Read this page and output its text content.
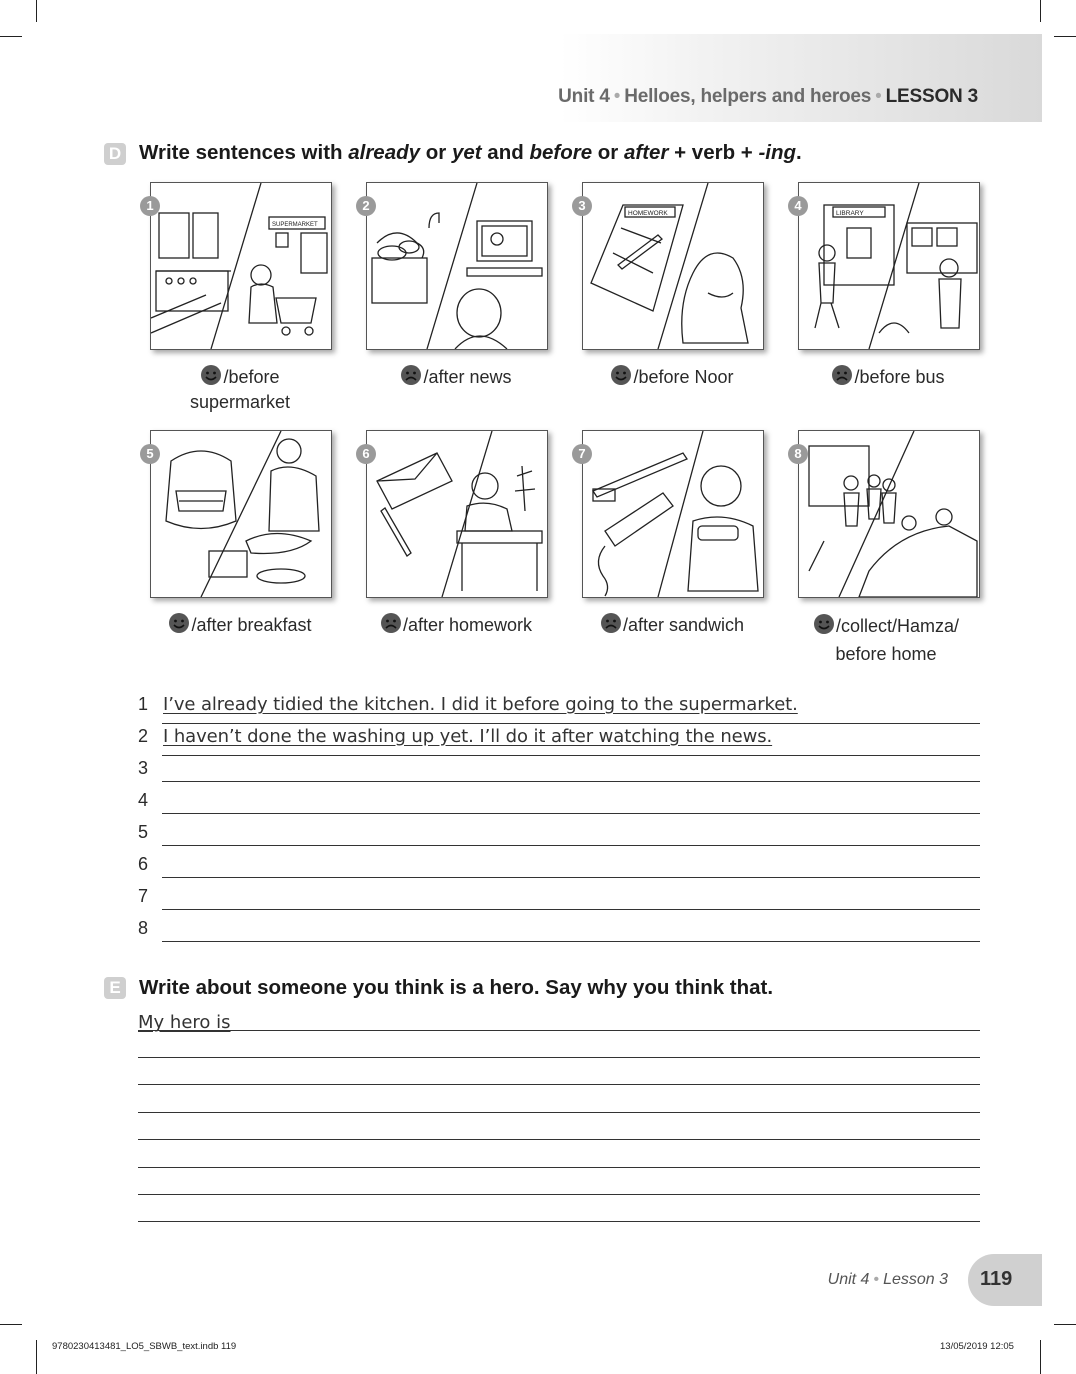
Unit 4 • Helloes, helpers and heroes • LESSON 3
D Write sentences with already or yet and before or after + verb + -ing.
SUPERMARKET
1	2
HOMEWORK
3
LIBRARY
4
/before
supermarket
/after news	/before Noor	/before bus
5	6	7	8
/after breakfast	/after homework	/after sandwich	/collect/Hamza/
before home
1 I’ve already tidied the kitchen. I did it before going to the supermarket.
2 I haven’t done the washing up yet. I’ll do it after watching the news.
3
4
5
6
7
8
E Write about someone you think is a hero. Say why you think that.
My hero is
Unit 4 • Lesson 3 119
9780230413481_LO5_SBWB_text.indb 119	13/05/2019 12:05
